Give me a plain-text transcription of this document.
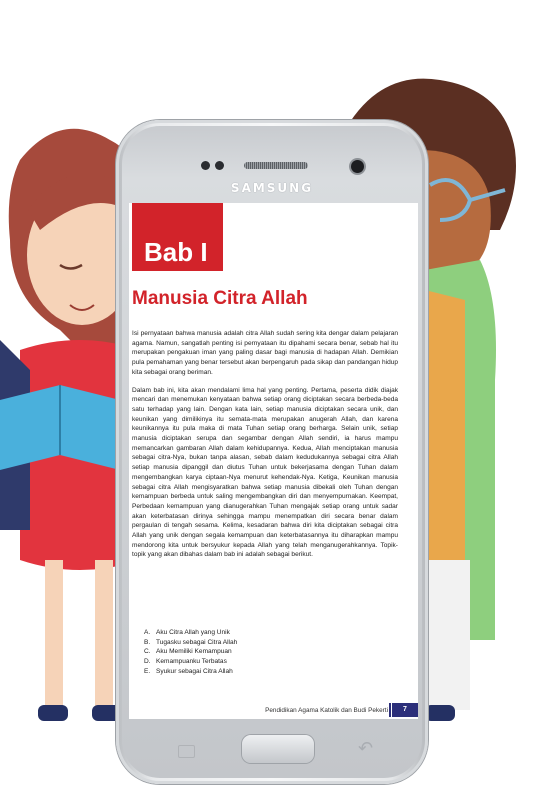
SAMSUNG
↶
Bab I
Manusia Citra Allah

Isi pernyataan bahwa manusia adalah citra Allah sudah sering kita dengar dalam pelajaran agama. Namun, sangatlah penting isi pernyataan itu dipahami secara benar, sebab hal itu merupakan pengakuan iman yang paling dasar bagi manusia di hadapan Allah. Demikian pula pemahaman yang benar tersebut akan berpengaruh pada sikap dan pandangan hidup kita sebagai orang beriman.

Dalam bab ini, kita akan mendalami lima hal yang penting. Pertama, peserta didik diajak mencari dan menemukan kenyataan bahwa setiap orang diciptakan secara berbeda-beda satu terhadap yang lain. Dengan kata lain, setiap manusia diciptakan secara unik, dan keunikan yang dimilikinya itu semata-mata merupakan anugerah Allah, dan karena keunikannya itu pula maka di mata Tuhan setiap orang berharga. Selain unik, setiap manusia diciptakan serupa dan segambar dengan Allah sendiri, ia harus mampu memancarkan gambaran Allah dalam kehidupannya. Kedua, Allah menciptakan manusia sebagai citra-Nya, bukan tanpa alasan, sebab dalam kedudukannya sebagai citra Allah setiap manusia dipanggil dan diutus Tuhan untuk bekerjasama dengan Tuhan dalam mengembangkan karya ciptaan-Nya menurut kehendak-Nya. Ketiga, Keunikan manusia sebagai citra Allah mengisyaratkan bahwa setiap manusia dibekali oleh Tuhan dengan kemampuan berbeda untuk saling mengembangkan diri dan menyempurnakan. Keempat, Perbedaan kemampuan yang dianugerahkan Tuhan mengajak setiap orang untuk sadar akan keterbatasan dirinya sehingga mampu menempatkan diri secara benar dalam pergaulan di tengah sesama. Kelima, kesadaran bahwa diri kita diciptakan sebagai citra Allah yang unik dengan segala kemampuan dan keterbatasannya itu diharapkan mampu mendorong kita untuk bersyukur kepada Allah yang telah menganugerahkannya. Topik-topik yang akan dibahas dalam bab ini adalah sebagai berikut.

A. Aku Citra Allah yang Unik
B. Tugasku sebagai Citra Allah
C. Aku Memiliki Kemampuan
D. Kemampuanku Terbatas
E. Syukur sebagai Citra Allah
Pendidikan Agama Katolik dan Budi Pekerti	7
